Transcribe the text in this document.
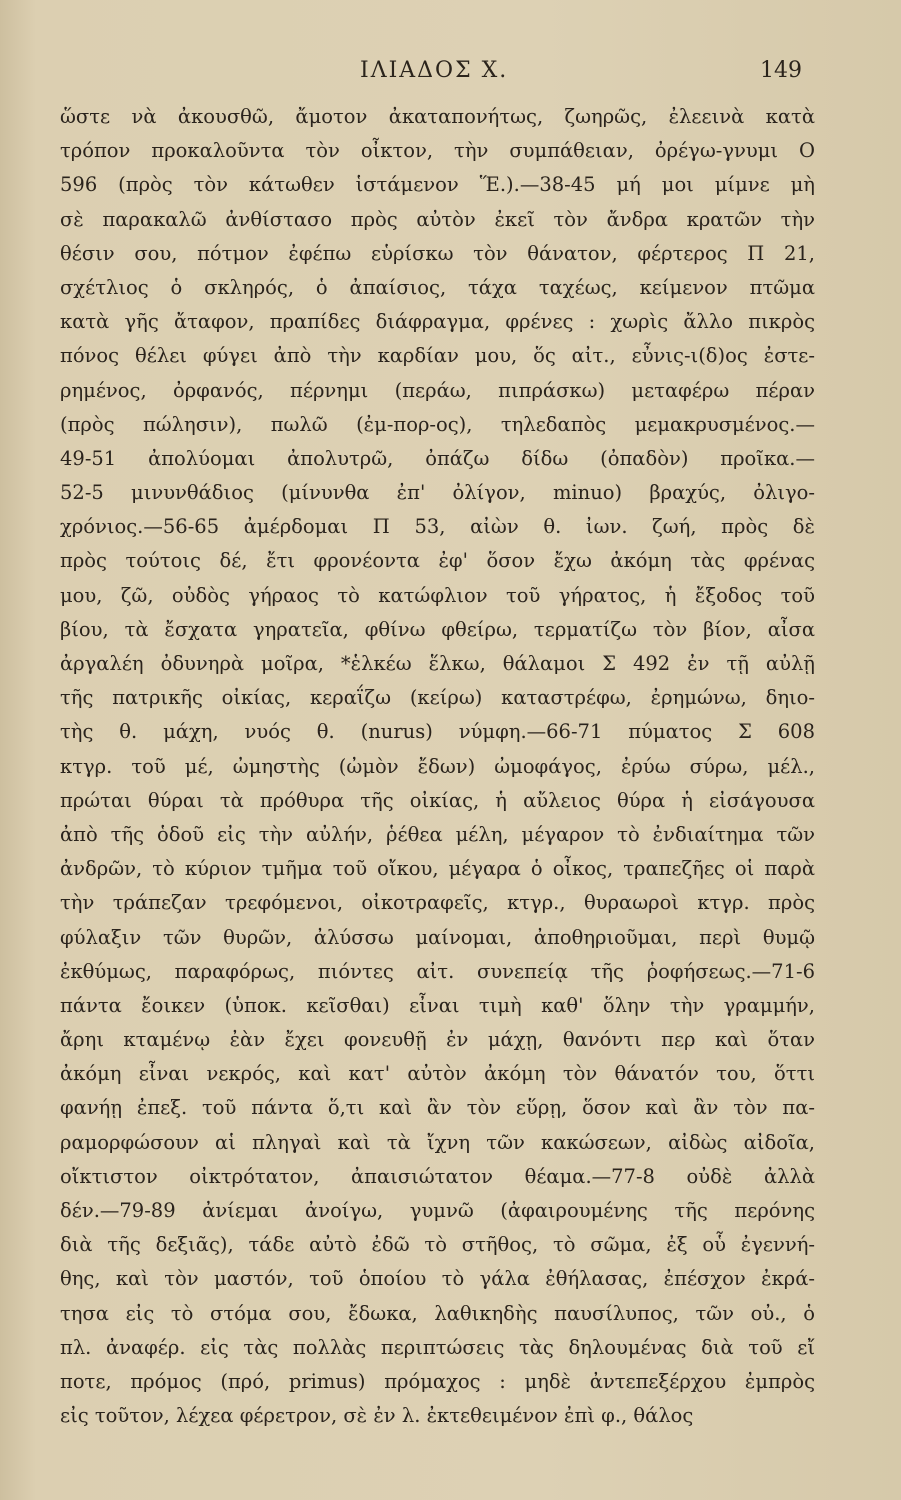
ΙΛΙΑΔΟΣ Χ.	149
ὥστε νὰ ἀκουσθῶ, ἄμοτον ἀκαταπονήτως, ζωηρῶς, ἐλεεινὰ κατὰ
τρόπον προκαλοῦντα τὸν οἶκτον, τὴν συμπάθειαν, ὀρέγω-γνυμι Ο
596 (πρὸς τὸν κάτωθεν ἱστάμενον Ἕ.).—38-45 μή μοι μίμνε μὴ
σὲ παρακαλῶ ἀνθίστασο πρὸς αὐτὸν ἐκεῖ τὸν ἄνδρα κρατῶν τὴν
θέσιν σου, πότμον ἐφέπω εὑρίσκω τὸν θάνατον, φέρτερος Π 21,
σχέτλιος ὁ σκληρός, ὁ ἀπαίσιος, τάχα ταχέως, κείμενον πτῶμα
κατὰ γῆς ἄταφον, πραπίδες διάφραγμα, φρένες : χωρὶς ἄλλο πικρὸς
πόνος θέλει φύγει ἀπὸ τὴν καρδίαν μου, ὅς αἰτ., εὖνις-ι(δ)ος ἐστε-
ρημένος, ὀρφανός, πέρνημι (περάω, πιπράσκω) μεταφέρω πέραν
(πρὸς πώλησιν), πωλῶ (ἐμ-πορ-ος), τηλεδαπὸς μεμακρυσμένος.—
49-51 ἀπολύομαι ἀπολυτρῶ, ὀπάζω δίδω (ὀπαδὸν) προῖκα.—
52-5 μινυνθάδιος (μίνυνθα ἐπ' ὀλίγον, minuo) βραχύς, ὀλιγο-
χρόνιος.—56-65 ἀμέρδομαι Π 53, αἰὼν θ. ἰων. ζωή, πρὸς δὲ
πρὸς τούτοις δέ, ἔτι φρονέοντα ἐφ' ὅσον ἔχω ἀκόμη τὰς φρένας
μου, ζῶ, οὐδὸς γήραος τὸ κατώφλιον τοῦ γήρατος, ἡ ἔξοδος τοῦ
βίου, τὰ ἔσχατα γηρατεῖα, φθίνω φθείρω, τερματίζω τὸν βίον, αἶσα
ἀργαλέη ὀδυνηρὰ μοῖρα, *ἑλκέω ἕλκω, θάλαμοι Σ 492 ἐν τῇ αὐλῇ
τῆς πατρικῆς οἰκίας, κεραΐζω (κείρω) καταστρέφω, ἐρημώνω, δηιο-
τὴς θ. μάχη, νυός θ. (nurus) νύμφη.—66-71 πύματος Σ 608
κτγρ. τοῦ μέ, ὠμηστὴς (ὠμὸν ἔδων) ὠμοφάγος, ἐρύω σύρω, μέλ.,
πρώται θύραι τὰ πρόθυρα τῆς οἰκίας, ἡ αὔλειος θύρα ἡ εἰσάγουσα
ἀπὸ τῆς ὁδοῦ εἰς τὴν αὐλήν, ῥέθεα μέλη, μέγαρον τὸ ἐνδιαίτημα τῶν
ἀνδρῶν, τὸ κύριον τμῆμα τοῦ οἴκου, μέγαρα ὁ οἶκος, τραπεζῆες οἱ παρὰ
τὴν τράπεζαν τρεφόμενοι, οἰκοτραφεῖς, κτγρ., θυραωροὶ κτγρ. πρὸς
φύλαξιν τῶν θυρῶν, ἀλύσσω μαίνομαι, ἀποθηριοῦμαι, περὶ θυμῷ
ἐκθύμως, παραφόρως, πιόντες αἰτ. συνεπείᾳ τῆς ῥοφήσεως.—71-6
πάντα ἔοικεν (ὑποκ. κεῖσθαι) εἶναι τιμὴ καθ' ὅλην τὴν γραμμήν,
ἄρηι κταμένῳ ἐὰν ἔχει φονευθῇ ἐν μάχῃ, θανόντι περ καὶ ὅταν
ἀκόμη εἶναι νεκρός, καὶ κατ' αὐτὸν ἀκόμη τὸν θάνατόν του, ὅττι
φανήῃ ἐπεξ. τοῦ πάντα ὅ,τι καὶ ἂν τὸν εὕρῃ, ὅσον καὶ ἂν τὸν πα-
ραμορφώσουν αἱ πληγαὶ καὶ τὰ ἴχνη τῶν κακώσεων, αἰδὼς αἰδοῖα,
οἴκτιστον οἰκτρότατον, ἀπαισιώτατον θέαμα.—77-8 οὐδὲ ἀλλὰ
δέν.—79-89 ἀνίεμαι ἀνοίγω, γυμνῶ (ἀφαιρουμένης τῆς περόνης
διὰ τῆς δεξιᾶς), τάδε αὐτὸ ἐδῶ τὸ στῆθος, τὸ σῶμα, ἐξ οὗ ἐγεννή-
θης, καὶ τὸν μαστόν, τοῦ ὁποίου τὸ γάλα ἐθήλασας, ἐπέσχον ἐκρά-
τησα εἰς τὸ στόμα σου, ἔδωκα, λαθικηδὴς παυσίλυπος, τῶν οὐ., ὁ
πλ. ἀναφέρ. εἰς τὰς πολλὰς περιπτώσεις τὰς δηλουμένας διὰ τοῦ εἴ
ποτε, πρόμος (πρό, primus) πρόμαχος : μηδὲ ἀντεπεξέρχου ἐμπρὸς
εἰς τοῦτον, λέχεα φέρετρον, σὲ ἐν λ. ἐκτεθειμένον ἐπὶ φ., θάλος
